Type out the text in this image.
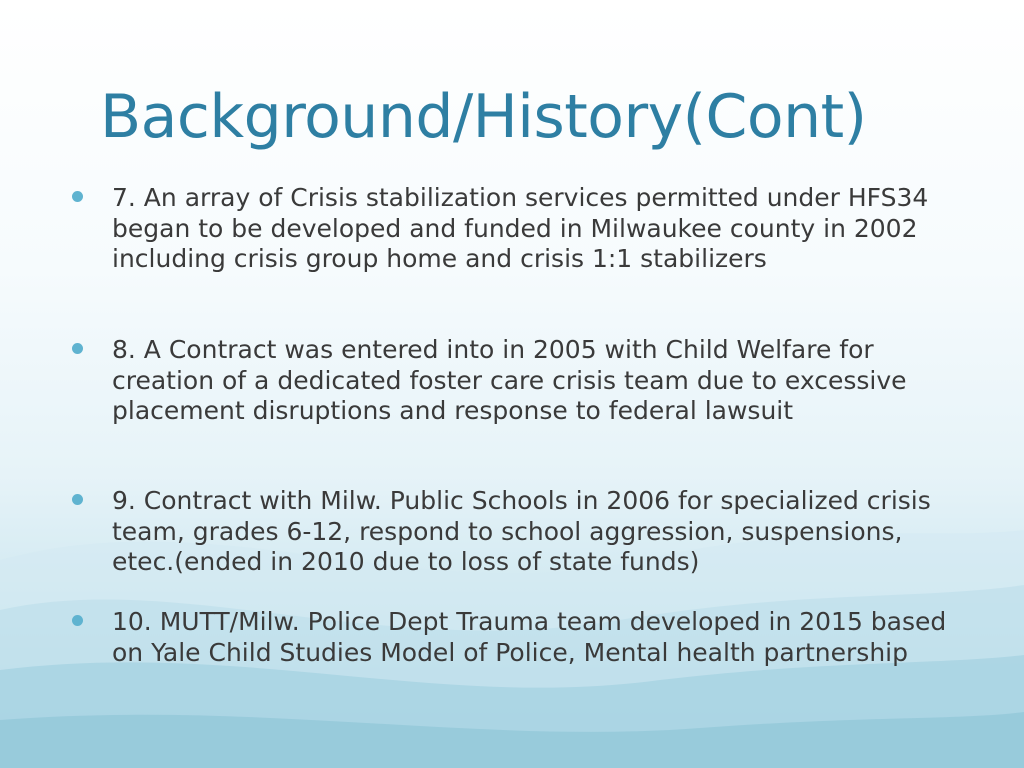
Background/History(Cont)
7. An array of Crisis stabilization services permitted under HFS34 began to be developed and funded in Milwaukee county in 2002 including crisis group home and crisis 1:1 stabilizers
8. A Contract was entered into in 2005 with Child Welfare for creation of a dedicated foster care crisis team due to excessive placement disruptions and response to federal lawsuit
9. Contract with Milw. Public Schools in 2006 for specialized crisis team, grades 6-12, respond to school aggression, suspensions, etec.(ended in 2010 due to loss of state funds)
10. MUTT/Milw. Police Dept Trauma team developed in 2015 based on Yale Child Studies Model of Police, Mental health partnership
